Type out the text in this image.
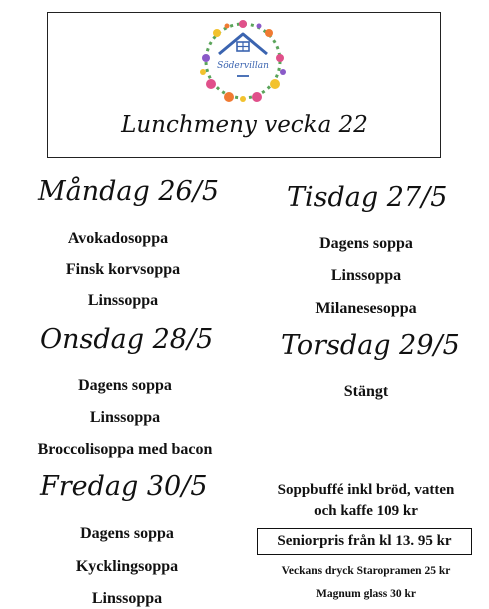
Södervillan
Lunchmeny vecka 22
Måndag 26/5
Avokadosoppa
Finsk korvsoppa
Linssoppa
Tisdag 27/5
Dagens soppa
Linssoppa
Milanesesoppa
Onsdag 28/5
Dagens soppa
Linssoppa
Broccolisoppa med bacon
Torsdag 29/5
Stängt
Fredag 30/5
Dagens soppa
Kycklingsoppa
Linssoppa
Soppbuffé inkl bröd, vatten
och kaffe 109 kr
Seniorpris från kl 13. 95 kr
Veckans dryck Staropramen 25 kr
Magnum glass 30 kr
